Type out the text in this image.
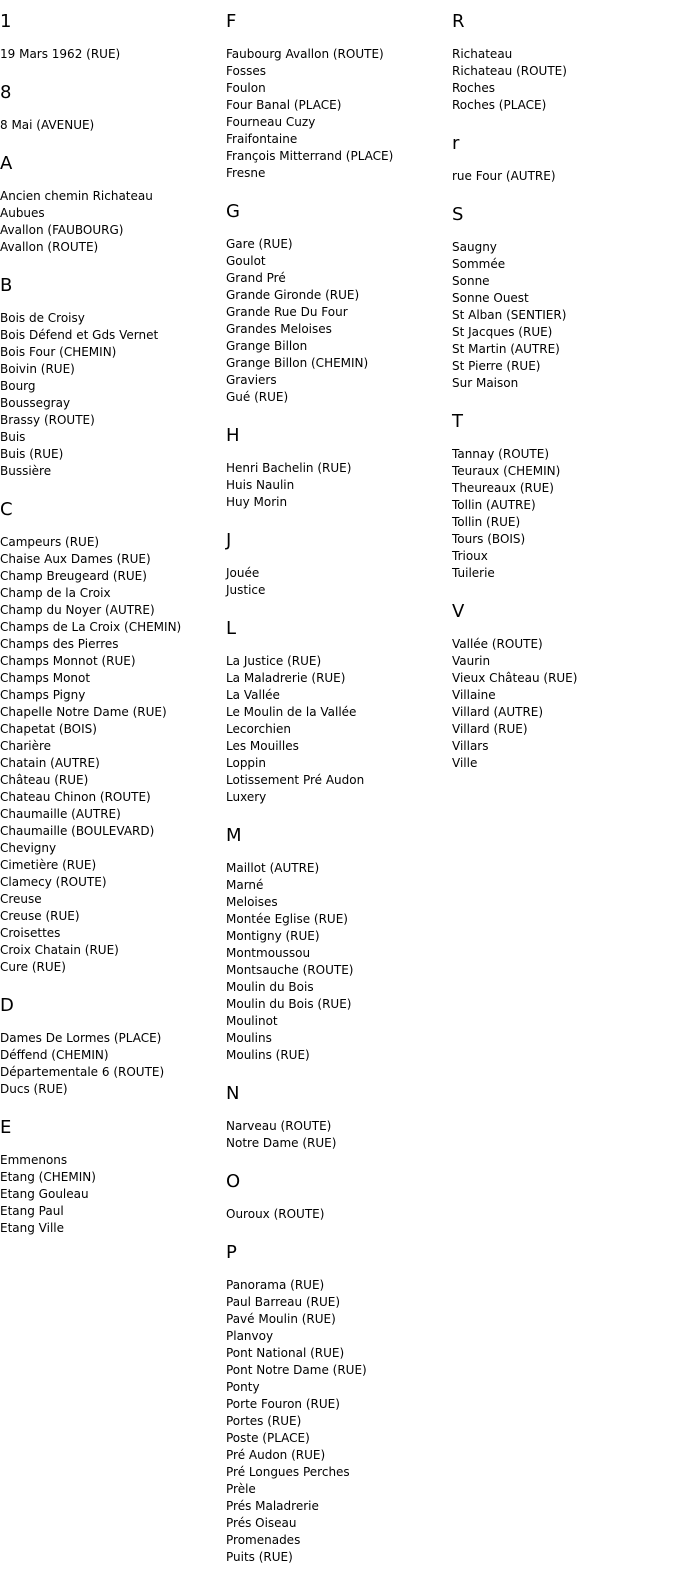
1
19 Mars 1962 (RUE)
8
8 Mai (AVENUE)
A
Ancien chemin Richateau
Aubues
Avallon (FAUBOURG)
Avallon (ROUTE)
B
Bois de Croisy
Bois Défend et Gds Vernet
Bois Four (CHEMIN)
Boivin (RUE)
Bourg
Boussegray
Brassy (ROUTE)
Buis
Buis (RUE)
Bussière
C
Campeurs (RUE)
Chaise Aux Dames (RUE)
Champ Breugeard (RUE)
Champ de la Croix
Champ du Noyer (AUTRE)
Champs de La Croix (CHEMIN)
Champs des Pierres
Champs Monnot (RUE)
Champs Monot
Champs Pigny
Chapelle Notre Dame (RUE)
Chapetat (BOIS)
Charière
Chatain (AUTRE)
Château (RUE)
Chateau Chinon (ROUTE)
Chaumaille (AUTRE)
Chaumaille (BOULEVARD)
Chevigny
Cimetière (RUE)
Clamecy (ROUTE)
Creuse
Creuse (RUE)
Croisettes
Croix Chatain (RUE)
Cure (RUE)
D
Dames De Lormes (PLACE)
Déffend (CHEMIN)
Départementale 6 (ROUTE)
Ducs (RUE)
E
Emmenons
Etang (CHEMIN)
Etang Gouleau
Etang Paul
Etang Ville
F
Faubourg Avallon (ROUTE)
Fosses
Foulon
Four Banal (PLACE)
Fourneau Cuzy
Fraifontaine
François Mitterrand (PLACE)
Fresne
G
Gare (RUE)
Goulot
Grand Pré
Grande Gironde (RUE)
Grande Rue Du Four
Grandes Meloises
Grange Billon
Grange Billon (CHEMIN)
Graviers
Gué (RUE)
H
Henri Bachelin (RUE)
Huis Naulin
Huy Morin
J
Jouée
Justice
L
La Justice (RUE)
La Maladrerie (RUE)
La Vallée
Le Moulin de la Vallée
Lecorchien
Les Mouilles
Loppin
Lotissement Pré Audon
Luxery
M
Maillot (AUTRE)
Marné
Meloises
Montée Eglise (RUE)
Montigny (RUE)
Montmoussou
Montsauche (ROUTE)
Moulin du Bois
Moulin du Bois (RUE)
Moulinot
Moulins
Moulins (RUE)
N
Narveau (ROUTE)
Notre Dame (RUE)
O
Ouroux (ROUTE)
P
Panorama (RUE)
Paul Barreau (RUE)
Pavé Moulin (RUE)
Planvoy
Pont National (RUE)
Pont Notre Dame (RUE)
Ponty
Porte Fouron (RUE)
Portes (RUE)
Poste (PLACE)
Pré Audon (RUE)
Pré Longues Perches
Prèle
Prés Maladrerie
Prés Oiseau
Promenades
Puits (RUE)
R
Richateau
Richateau (ROUTE)
Roches
Roches (PLACE)
r
rue Four (AUTRE)
S
Saugny
Sommée
Sonne
Sonne Ouest
St Alban (SENTIER)
St Jacques (RUE)
St Martin (AUTRE)
St Pierre (RUE)
Sur Maison
T
Tannay (ROUTE)
Teuraux (CHEMIN)
Theureaux (RUE)
Tollin (AUTRE)
Tollin (RUE)
Tours (BOIS)
Trioux
Tuilerie
V
Vallée (ROUTE)
Vaurin
Vieux Château (RUE)
Villaine
Villard (AUTRE)
Villard (RUE)
Villars
Ville
